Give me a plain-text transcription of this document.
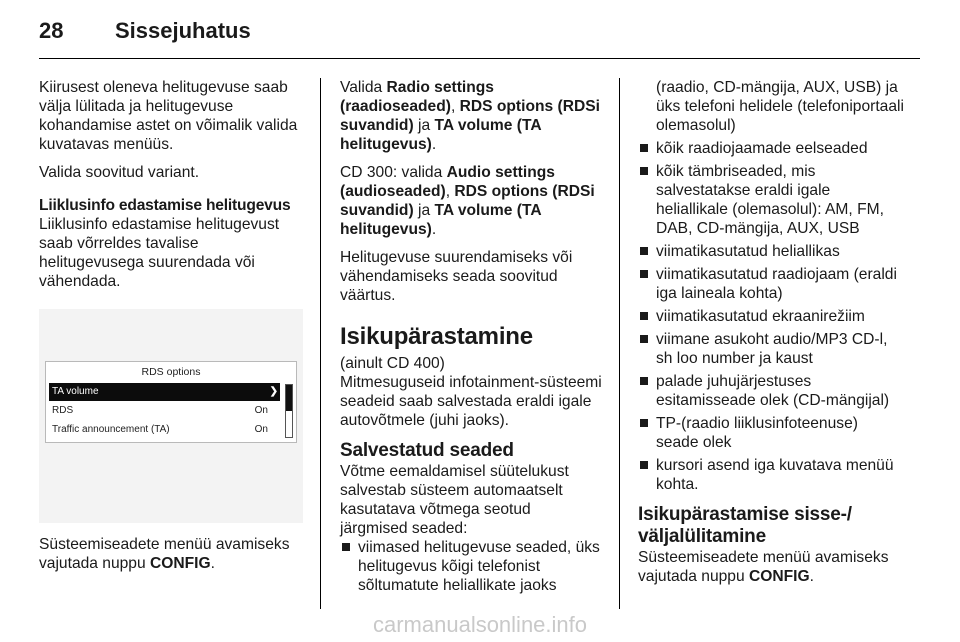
28	Sissejuhatus

Kiirusest oleneva helitugevuse saab välja lülitada ja helitugevuse kohandamise astet on võimalik valida kuvatavas menüüs.

Valida soovitud variant.

Liiklusinfo edastamise helitugevus

Liiklusinfo edastamise helitugevust saab võrreldes tavalise helitugevusega suurendada või vähendada.

RDS options
TA volume	❯
RDS	On
Traffic announcement (TA)	On

Süsteemiseadete menüü avamiseks vajutada nuppu CONFIG.

Valida Radio settings (raadioseaded), RDS options (RDSi suvandid) ja TA volume (TA helitugevus).

CD 300: valida Audio settings (audioseaded), RDS options (RDSi suvandid) ja TA volume (TA helitugevus).

Helitugevuse suurendamiseks või vähendamiseks seada soovitud väärtus.

Isikupärastamine

(ainult CD 400)

Mitmesuguseid infotainment-süsteemi seadeid saab salvestada eraldi igale autovõtmele (juhi jaoks).

Salvestatud seaded

Võtme eemaldamisel süütelukust salvestab süsteem automaatselt kasutatava võtmega seotud järgmised seaded:

viimased helitugevuse seaded, üks helitugevus kõigi telefonist sõltumatute heliallikate jaoks
(raadio, CD-mängija, AUX, USB) ja üks telefoni helidele (telefoniportaali olemasolul)
kõik raadiojaamade eelseaded
kõik tämbriseaded, mis salvestatakse eraldi igale heliallikale (olemasolul): AM, FM, DAB, CD-mängija, AUX, USB
viimatikasutatud heliallikas
viimatikasutatud raadiojaam (eraldi iga laineala kohta)
viimatikasutatud ekraanirežiim
viimane asukoht audio/MP3 CD-l, sh loo number ja kaust
palade juhujärjestuses esitamisseade olek (CD-mängijal)
TP-(raadio liiklusinfoteenuse) seade olek
kursori asend iga kuvatava menüü kohta.
Isikupärastamise sisse-/ väljalülitamine

Süsteemiseadete menüü avamiseks vajutada nuppu CONFIG.

carmanualsonline.info
